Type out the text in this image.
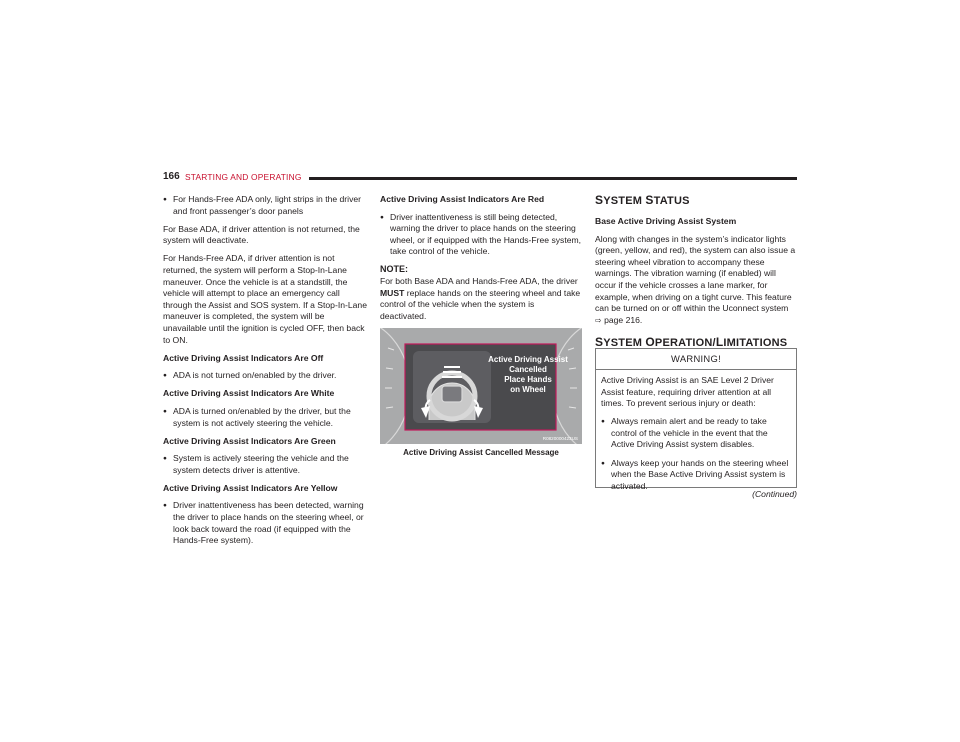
166 STARTING AND OPERATING
● For Hands-Free ADA only, light strips in the driver and front passenger’s door panels

For Base ADA, if driver attention is not returned, the system will deactivate.

For Hands-Free ADA, if driver attention is not returned, the system will perform a Stop-In-Lane maneuver. Once the vehicle is at a standstill, the vehicle will attempt to place an emergency call through the Assist and SOS system. If a Stop-In-Lane maneuver is completed, the system will be unavailable until the ignition is cycled OFF, then back to ON.

Active Driving Assist Indicators Are Off
● ADA is not turned on/enabled by the driver.
Active Driving Assist Indicators Are White
● ADA is turned on/enabled by the driver, but the system is not actively steering the vehicle.
Active Driving Assist Indicators Are Green
● System is actively steering the vehicle and the system detects driver is attentive.
Active Driving Assist Indicators Are Yellow
● Driver inattentiveness has been detected, warning the driver to place hands on the steering wheel, or look back toward the road (if equipped with the Hands-Free system).
Active Driving Assist Indicators Are Red
● Driver inattentiveness is still being detected, warning the driver to place hands on the steering wheel, or if equipped with the Hands-Free system, take control of the vehicle.
NOTE:

For both Base ADA and Hands-Free ADA, the driver MUST replace hands on the steering wheel and take control of the vehicle when the system is deactivated.

Active Driving Assist
Cancelled
Place Hands
on Wheel
R0820000423US
Active Driving Assist Cancelled Message
SYSTEM STATUS
Base Active Driving Assist System

Along with changes in the system’s indicator lights (green, yellow, and red), the system can also issue a steering wheel vibration to accompany these warnings. The vibration warning (if enabled) will occur if the vehicle crosses a lane marker, for example, when driving on a tight curve. This feature can be turned on or off within the Uconnect system ⇨ page 216.

SYSTEM OPERATION/LIMITATIONS
WARNING!

Active Driving Assist is an SAE Level 2 Driver Assist feature, requiring driver attention at all times. To prevent serious injury or death:

● Always remain alert and be ready to take control of the vehicle in the event that the Active Driving Assist system disables.
● Always keep your hands on the steering wheel when the Base Active Driving Assist system is activated.
(Continued)
